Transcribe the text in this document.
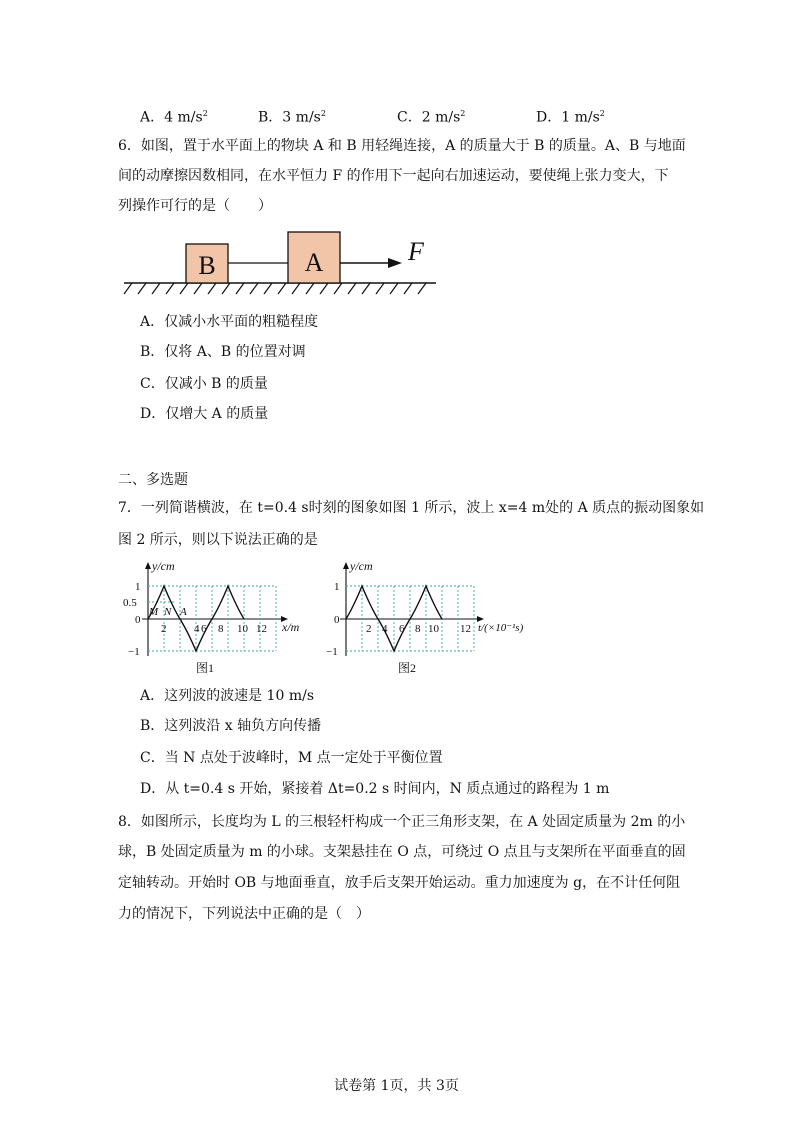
A．4 $m/s^2$	B．3 $m/s^2$	C．2 $m/s^2$	D．1 $m/s^2$
6．如图，置于水平面上的物块 A 和 B 用轻绳连接，A 的质量大于 B 的质量。A、B 与地面
间的动摩擦因数相同，在水平恒力 F 的作用下一起向右加速运动，要使绳上张力变大，下
列操作可行的是（　　）
B	A	F
A．仅减小水平面的粗糙程度
B．仅将 A、B 的位置对调
C．仅减小 B 的质量
D．仅增大 A 的质量
二、多选题
7．一列简谐横波，在 t=0.4 s时刻的图象如图 1 所示，波上 x=4 m处的 A 质点的振动图象如
图 2 所示，则以下说法正确的是
y/cm
1
0.5
0
−1
M N A
2	4 6 8 10 12 x/m
图1
y/cm
1
0
−1
2 4 6 8 10 12 t/(×10⁻¹s)
图2
A．这列波的波速是 10 m/s
B．这列波沿 x 轴负方向传播
C．当 N 点处于波峰时，M 点一定处于平衡位置
D．从 t=0.4 s 开始，紧接着 Δt=0.2 s 时间内，N 质点通过的路程为 1 m
8．如图所示，长度均为 L 的三根轻杆构成一个正三角形支架，在 A 处固定质量为 2m 的小
球，B 处固定质量为 m 的小球。支架悬挂在 O 点，可绕过 O 点且与支架所在平面垂直的固
定轴转动。开始时 OB 与地面垂直，放手后支架开始运动。重力加速度为 g，在不计任何阻
力的情况下，下列说法中正确的是（　）
试卷第 1页，共 3页
